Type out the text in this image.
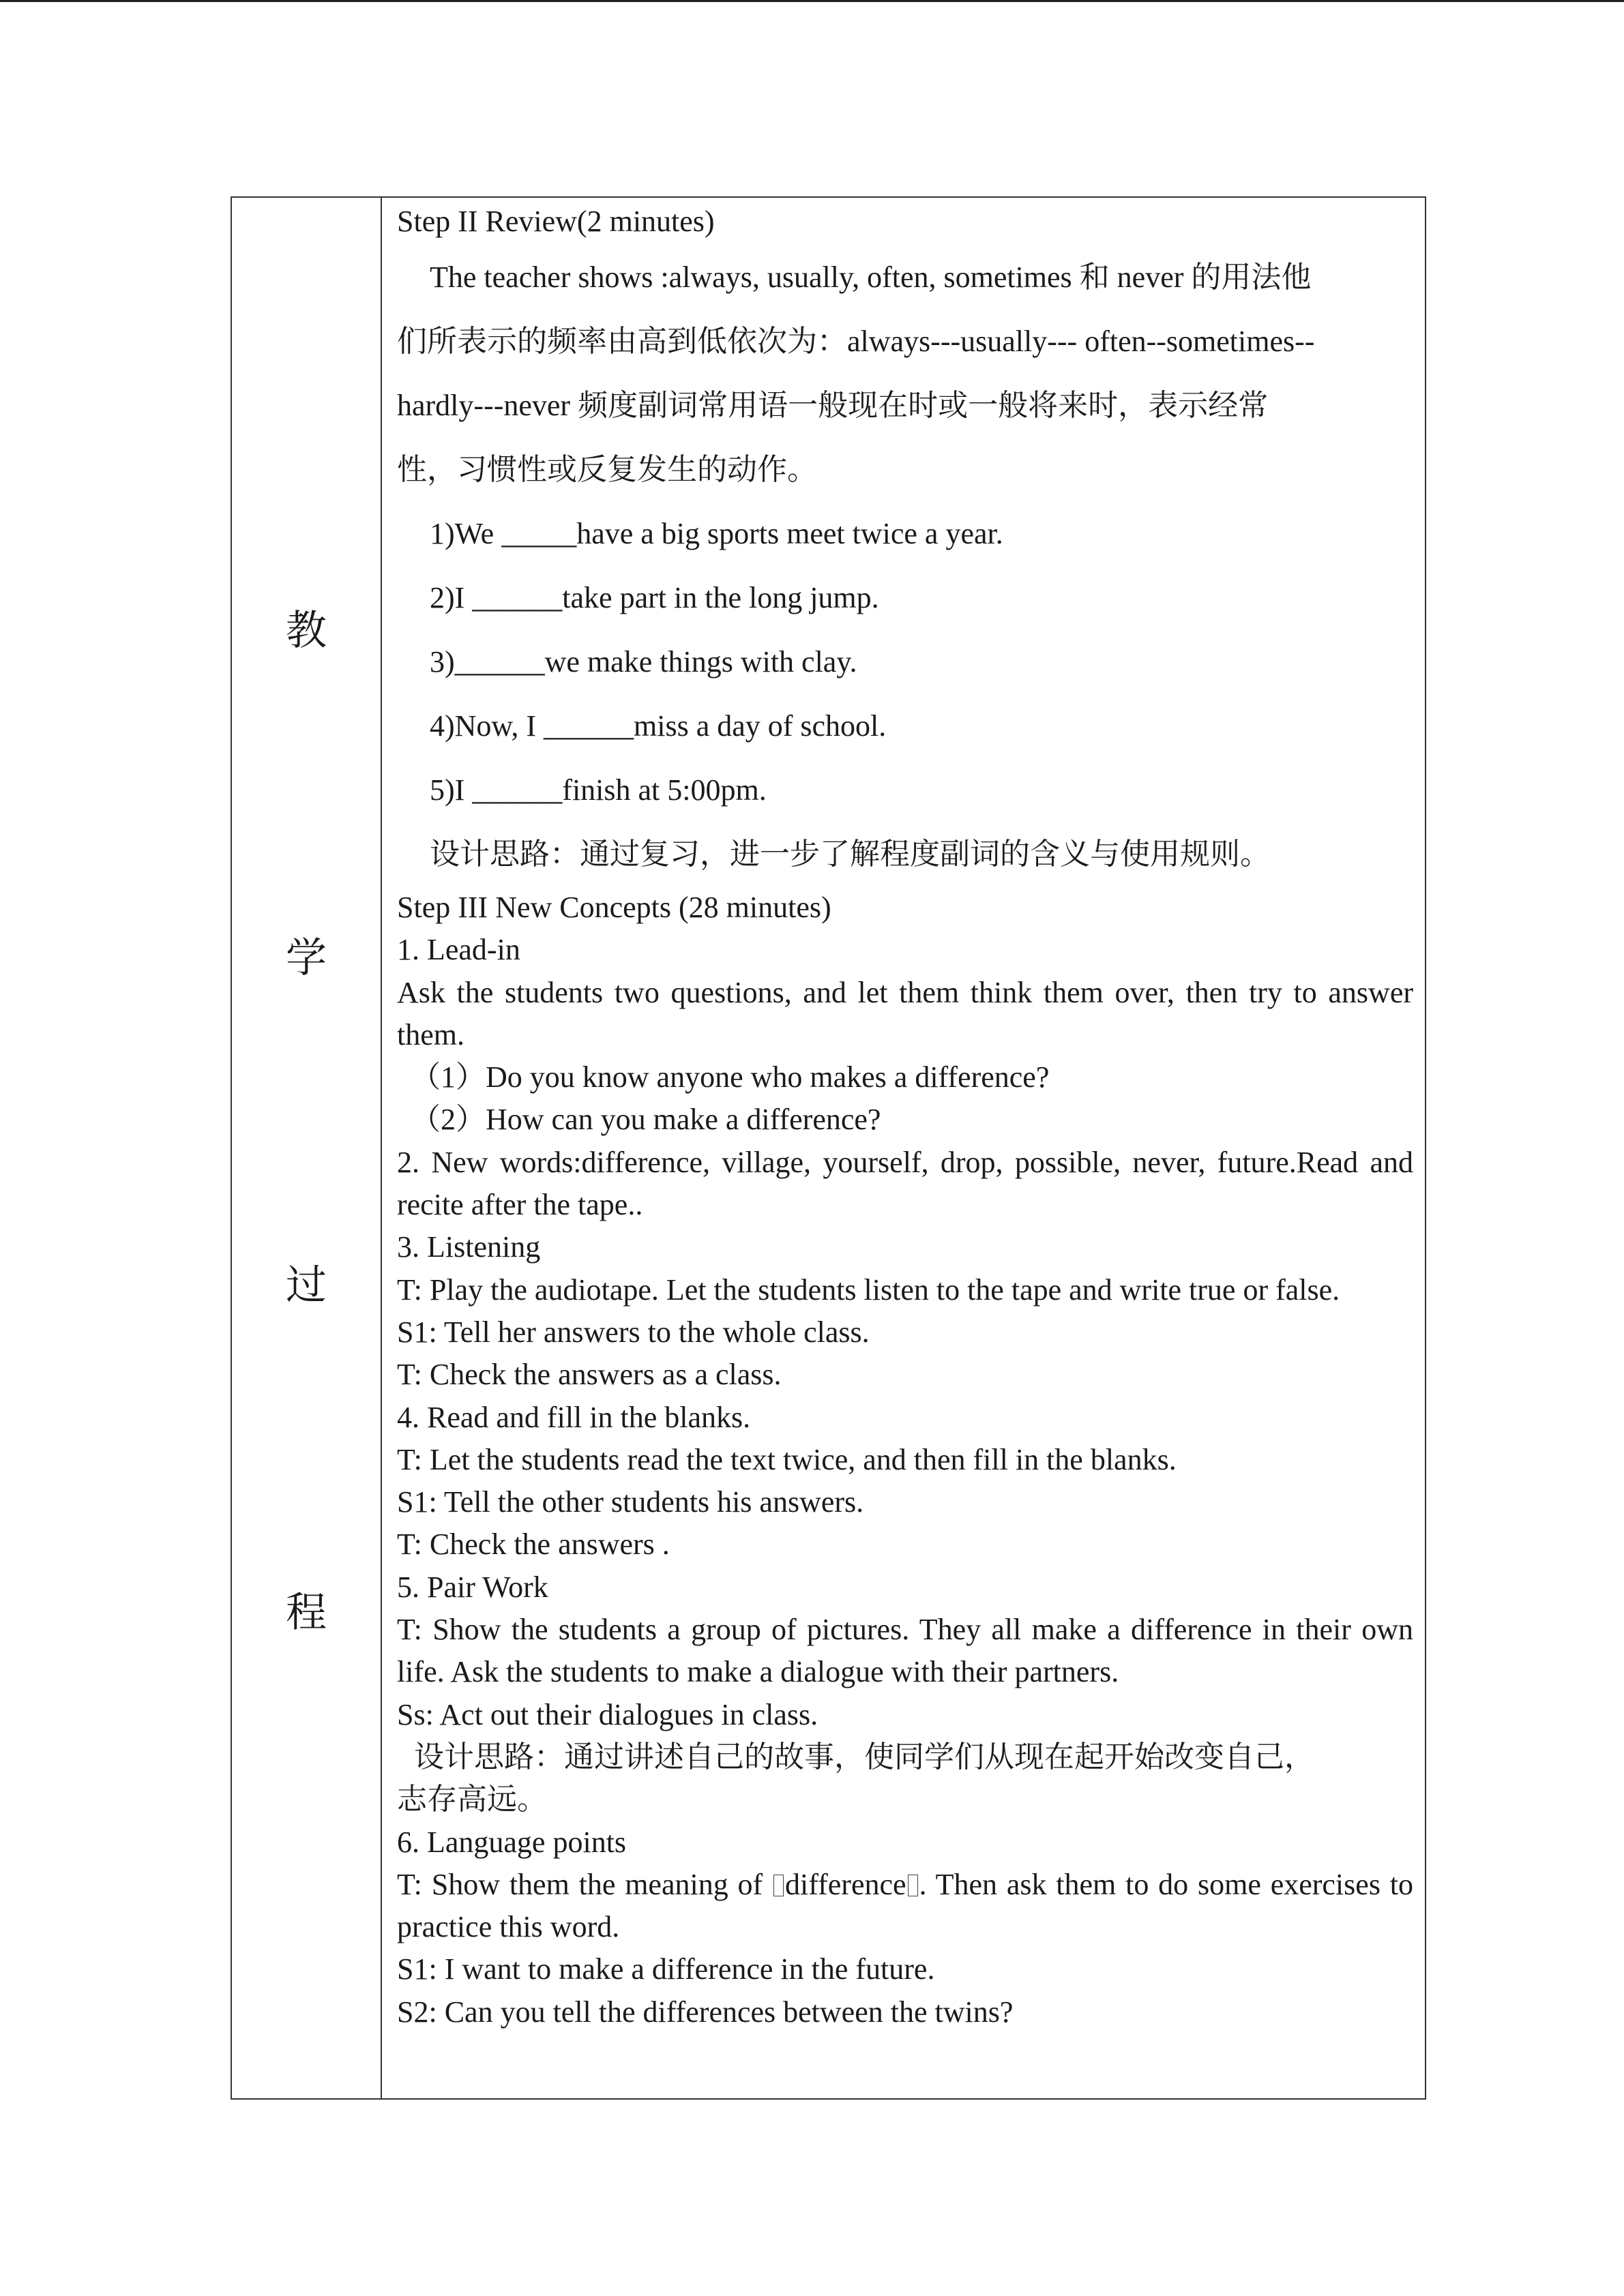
教
学
过
程
Step II Review(2 minutes)
The teacher shows :always, usually, often, sometimes 和 never 的用法他
们所表示的频率由高到低依次为：always---usually--- often--sometimes--
hardly---never 频度副词常用语一般现在时或一般将来时，表示经常
性，习惯性或反复发生的动作。
1)We _____have a big sports meet twice a year.
2)I ______take part in the long jump.
3)______we make things with clay.
4)Now, I ______miss a day of school.
5)I ______finish at 5:00pm.
设计思路：通过复习，进一步了解程度副词的含义与使用规则。
Step III New Concepts (28 minutes)
1. Lead-in
Ask the students two questions, and let them think them over, then try to answer them.
（1）Do you know anyone who makes a difference?
（2）How can you make a difference?
2. New words:difference, village, yourself, drop, possible, never, future.Read and recite after the tape..
3. Listening
T: Play the audiotape. Let the students listen to the tape and write true or false.
S1: Tell her answers to the whole class.
T: Check the answers as a class.
4. Read and fill in the blanks.
T: Let the students read the text twice, and then fill in the blanks.
S1: Tell the other students his answers.
T: Check the answers .
5. Pair Work
T: Show the students a group of pictures. They all make a difference in their own life. Ask the students to make a dialogue with their partners.
Ss: Act out their dialogues in class.
设计思路：通过讲述自己的故事，使同学们从现在起开始改变自己，
志存高远。
6. Language points
T: Show them the meaning of difference . Then ask them to do some exercises to practice this word.
S1: I want to make a difference in the future.
S2: Can you tell the differences between the twins?
